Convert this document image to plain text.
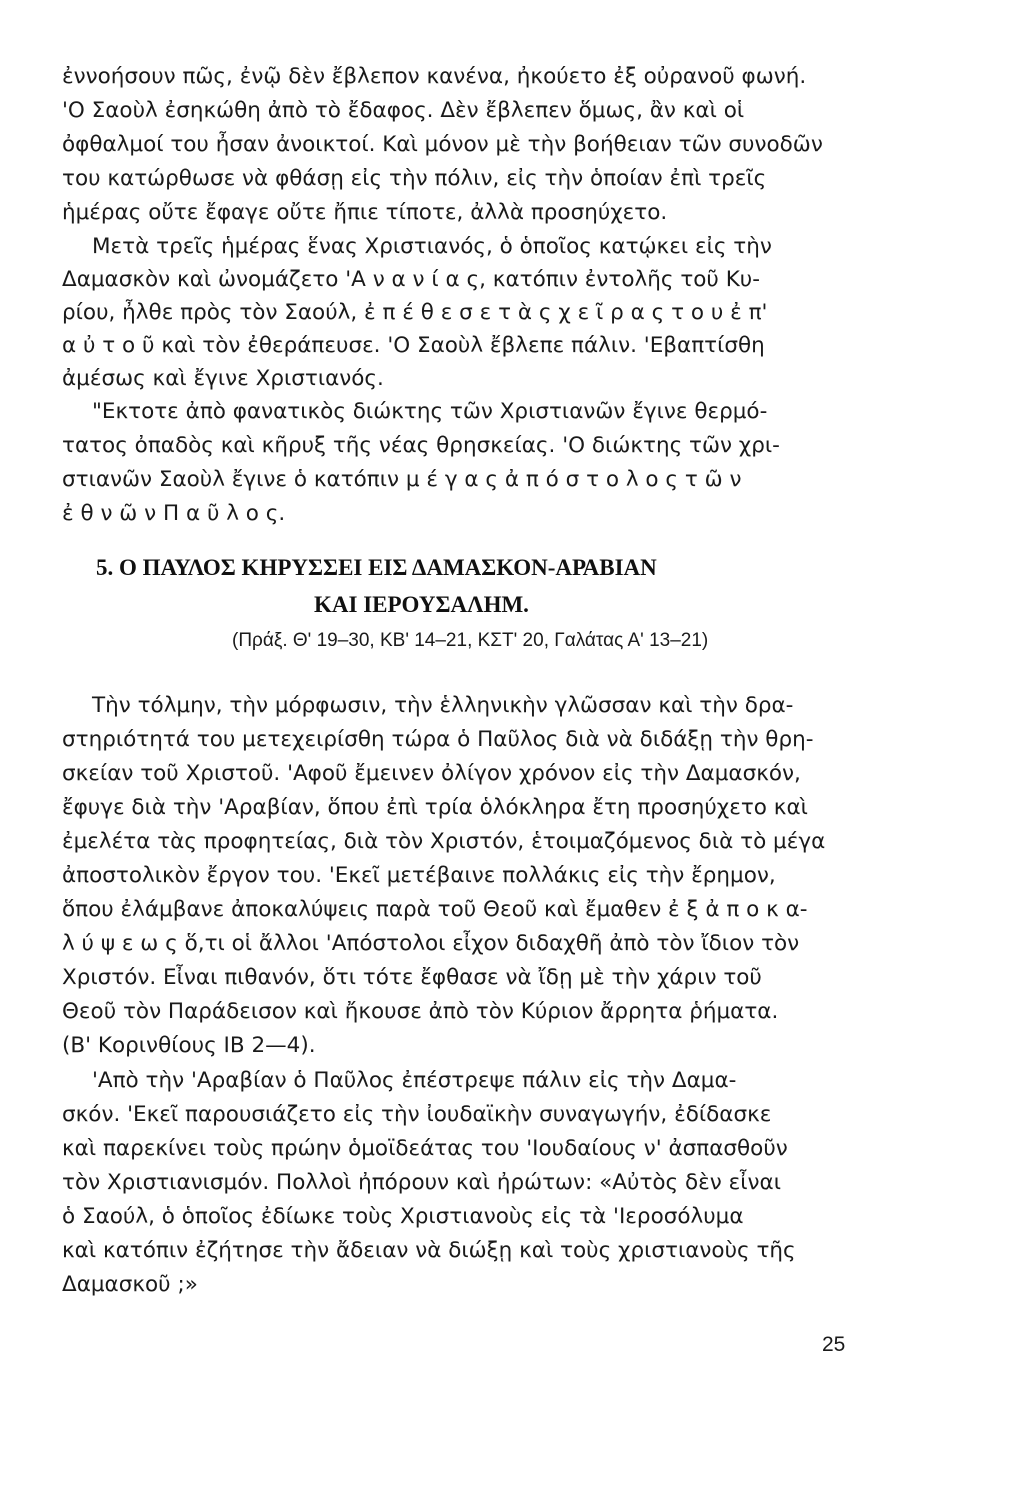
ἐννοήσουν πῶς, ἐνῷ δὲν ἔβλεπον κανένα, ἠκούετο ἐξ οὐρανοῦ φωνή.

'Ο Σαοὺλ ἐσηκώθη ἀπὸ τὸ ἔδαφος. Δὲν ἔβλεπεν ὅμως, ἂν καὶ οἱ

ὀφθαλμοί του ἦσαν ἀνοικτοί. Καὶ μόνον μὲ τὴν βοήθειαν τῶν συνοδῶν

του κατώρθωσε νὰ φθάσῃ εἰς τὴν πόλιν, εἰς τὴν ὁποίαν ἐπὶ τρεῖς

ἡμέρας οὔτε ἔφαγε οὔτε ἤπιε τίποτε, ἀλλὰ προσηύχετο.

Μετὰ τρεῖς ἡμέρας ἕνας Χριστιανός, ὁ ὁποῖος κατῴκει εἰς τὴν

Δαμασκὸν καὶ ὠνομάζετο 'Α ν α ν ί α ς, κατόπιν ἐντολῆς τοῦ Κυ-

ρίου, ἦλθε πρὸς τὸν Σαούλ, ἐ π έ θ ε σ ε τ ὰ ς χ ε ῖ ρ α ς τ ο υ ἐ π'

α ὐ τ ο ῦ καὶ τὸν ἐθεράπευσε. 'Ο Σαοὺλ ἔβλεπε πάλιν. 'Εβαπτίσθη

ἀμέσως καὶ ἔγινε Χριστιανός.

"Εκτοτε ἀπὸ φανατικὸς διώκτης τῶν Χριστιανῶν ἔγινε θερμό-

τατος ὀπαδὸς καὶ κῆρυξ τῆς νέας θρησκείας. 'Ο διώκτης τῶν χρι-

στιανῶν Σαοὺλ ἔγινε ὁ κατόπιν μ έ γ α ς ἀ π ό σ τ ο λ ο ς τ ῶ ν

ἐ θ ν ῶ ν Π α ῦ λ ο ς.

5. Ο ΠΑΥΛΟΣ ΚΗΡΥΣΣΕΙ ΕΙΣ ΔΑΜΑΣΚΟΝ-ΑΡΑΒΙΑΝ
ΚΑΙ ΙΕΡΟΥΣΑΛΗΜ.

(Πράξ. Θ' 19–30, ΚΒ' 14–21, ΚΣΤ' 20, Γαλάτας Α' 13–21)

Τὴν τόλμην, τὴν μόρφωσιν, τὴν ἑλληνικὴν γλῶσσαν καὶ τὴν δρα-

στηριότητά του μετεχειρίσθη τώρα ὁ Παῦλος διὰ νὰ διδάξῃ τὴν θρη-

σκείαν τοῦ Χριστοῦ. 'Αφοῦ ἔμεινεν ὀλίγον χρόνον εἰς τὴν Δαμασκόν,

ἔφυγε διὰ τὴν 'Αραβίαν, ὅπου ἐπὶ τρία ὁλόκληρα ἔτη προσηύχετο καὶ

ἐμελέτα τὰς προφητείας, διὰ τὸν Χριστόν, ἑτοιμαζόμενος διὰ τὸ μέγα

ἀποστολικὸν ἔργον του. 'Εκεῖ μετέβαινε πολλάκις εἰς τὴν ἔρημον,

ὅπου ἐλάμβανε ἀποκαλύψεις παρὰ τοῦ Θεοῦ καὶ ἔμαθεν ἐ ξ ἀ π ο κ α-

λ ύ ψ ε ω ς ὅ,τι οἱ ἄλλοι 'Απόστολοι εἶχον διδαχθῆ ἀπὸ τὸν ἴδιον τὸν

Χριστόν. Εἶναι πιθανόν, ὅτι τότε ἔφθασε νὰ ἴδῃ μὲ τὴν χάριν τοῦ

Θεοῦ τὸν Παράδεισον καὶ ἤκουσε ἀπὸ τὸν Κύριον ἄρρητα ῥήματα.

(Β' Κορινθίους ΙΒ 2—4).

'Απὸ τὴν 'Αραβίαν ὁ Παῦλος ἐπέστρεψε πάλιν εἰς τὴν Δαμα-

σκόν. 'Εκεῖ παρουσιάζετο εἰς τὴν ἰουδαϊκὴν συναγωγήν, ἐδίδασκε

καὶ παρεκίνει τοὺς πρώην ὁμοϊδεάτας του 'Ιουδαίους ν' ἀσπασθοῦν

τὸν Χριστιανισμόν. Πολλοὶ ἠπόρουν καὶ ἠρώτων: «Αὐτὸς δὲν εἶναι

ὁ Σαούλ, ὁ ὁποῖος ἐδίωκε τοὺς Χριστιανοὺς εἰς τὰ 'Ιεροσόλυμα

καὶ κατόπιν ἐζήτησε τὴν ἄδειαν νὰ διώξῃ καὶ τοὺς χριστιανοὺς τῆς

Δαμασκοῦ ;»

25
